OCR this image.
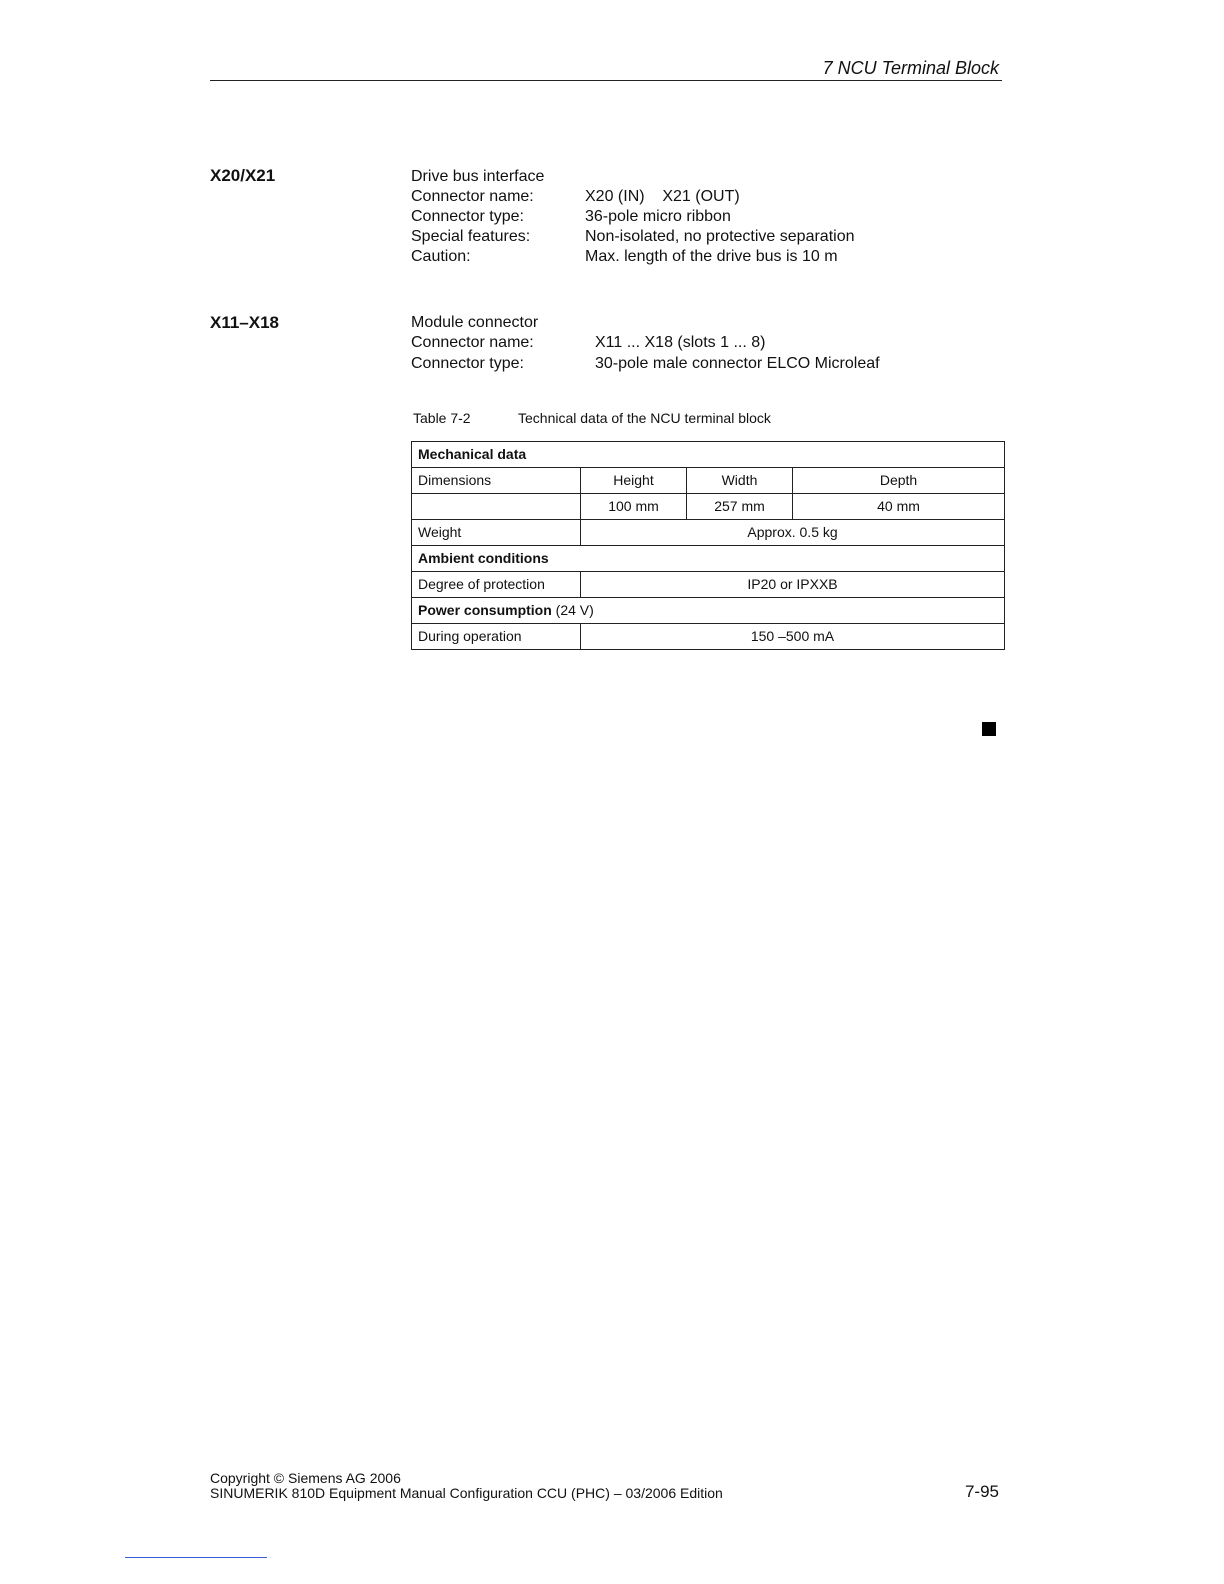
7 NCU Terminal Block
X20/X21	Drive bus interface
Connector name:	X20 (IN)    X21 (OUT)
Connector type:	36-pole micro ribbon
Special features:	Non-isolated, no protective separation
Caution:	Max. length of the drive bus is 10 m
X11–X18	Module connector
Connector name:	X11 ... X18 (slots 1 ... 8)
Connector type:	30-pole male connector ELCO Microleaf
Table 7-2	Technical data of the NCU terminal block
Mechanical data			
Dimensions	Height	Width	Depth
	100 mm	257 mm	40 mm
Weight	Approx. 0.5 kg		
Ambient conditions			
Degree of protection	IP20 or IPXXB		
Power consumption (24 V)			
During operation	150 –500 mA		
Copyright © Siemens AG 2006
SINUMERIK 810D Equipment Manual Configuration CCU (PHC) – 03/2006 Edition	7-95
